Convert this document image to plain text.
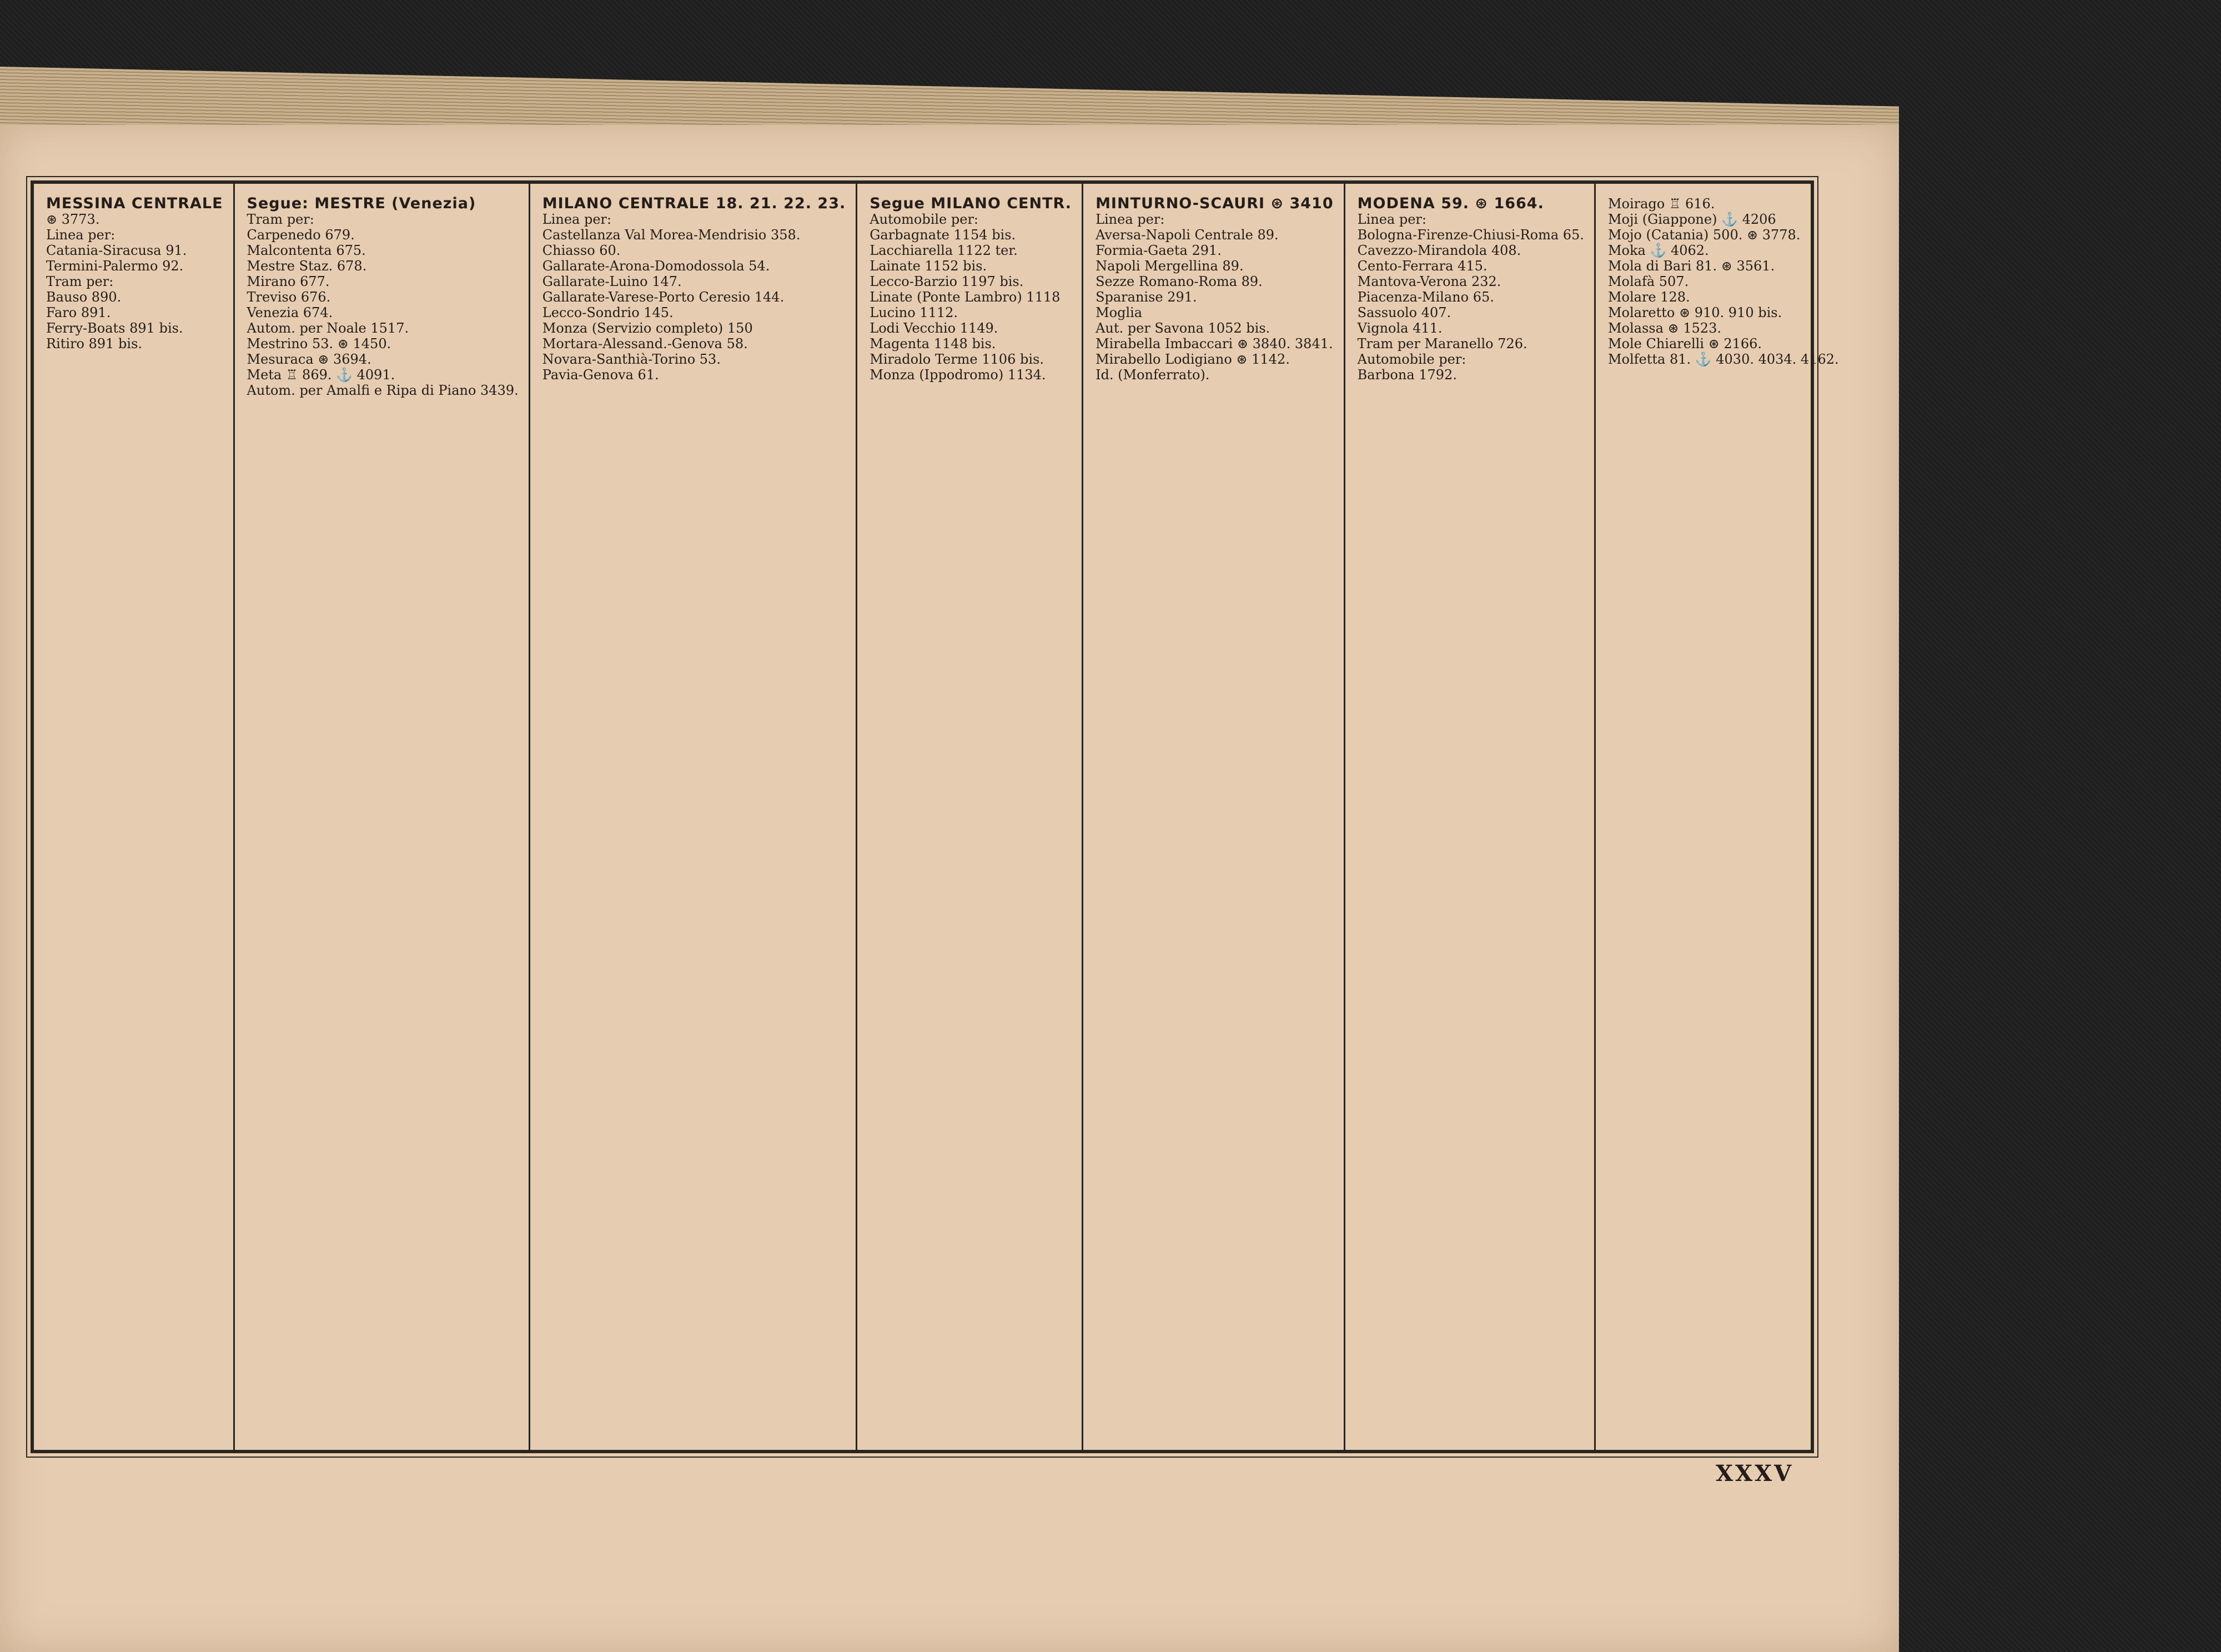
MESSINA CENTRALE
⊛ 3773.
Linea per:
Catania-Siracusa 91.
Termini-Palermo 92.
Tram per:
Bauso 890.
Faro 891.
Ferry-Boats 891 bis.
Ritiro 891 bis.
Segue: MESTRE (Venezia)
Tram per:
Carpenedo 679.
Malcontenta 675.
Mestre Staz. 678.
Mirano 677.
Treviso 676.
Venezia 674.
Autom. per Noale 1517.
Mestrino 53. ⊛ 1450.
Mesuraca ⊛ 3694.
Meta ♖ 869. ⚓ 4091.
Autom. per Amalfi e Ripa di Piano 3439.
MILANO CENTRALE 18. 21. 22. 23.
Linea per:
Castellanza Val Morea-Mendrisio 358.
Chiasso 60.
Gallarate-Arona-Domodossola 54.
Gallarate-Luino 147.
Gallarate-Varese-Porto Ceresio 144.
Lecco-Sondrio 145.
Monza (Servizio completo) 150
Mortara-Alessand.-Genova 58.
Novara-Santhià-Torino 53.
Pavia-Genova 61.
Segue MILANO CENTR.
Automobile per:
Garbagnate 1154 bis.
Lacchiarella 1122 ter.
Lainate 1152 bis.
Lecco-Barzio 1197 bis.
Linate (Ponte Lambro) 1118
Lucino 1112.
Lodi Vecchio 1149.
Magenta 1148 bis.
Miradolo Terme 1106 bis.
Monza (Ippodromo) 1134.
MINTURNO-SCAURI ⊛ 3410
Linea per:
Aversa-Napoli Centrale 89.
Formia-Gaeta 291.
Napoli Mergellina 89.
Sezze Romano-Roma 89.
Sparanise 291.
Moglia
Aut. per Savona 1052 bis.
Mirabella Imbaccari ⊛ 3840. 3841.
Mirabello Lodigiano ⊛ 1142.
Id. (Monferrato).
MODENA 59. ⊛ 1664.
Linea per:
Bologna-Firenze-Chiusi-Roma 65.
Cavezzo-Mirandola 408.
Cento-Ferrara 415.
Mantova-Verona 232.
Piacenza-Milano 65.
Sassuolo 407.
Vignola 411.
Tram per Maranello 726.
Automobile per:
Barbona 1792.
Moirago ♖ 616.
Moji (Giappone) ⚓ 4206
Mojo (Catania) 500. ⊛ 3778.
Moka ⚓ 4062.
Mola di Bari 81. ⊛ 3561.
Molafà 507.
Molare 128.
Molaretto ⊛ 910. 910 bis.
Molassa ⊛ 1523.
Mole Chiarelli ⊛ 2166.
Molfetta 81. ⚓ 4030. 4034. 4162.
XXXV
